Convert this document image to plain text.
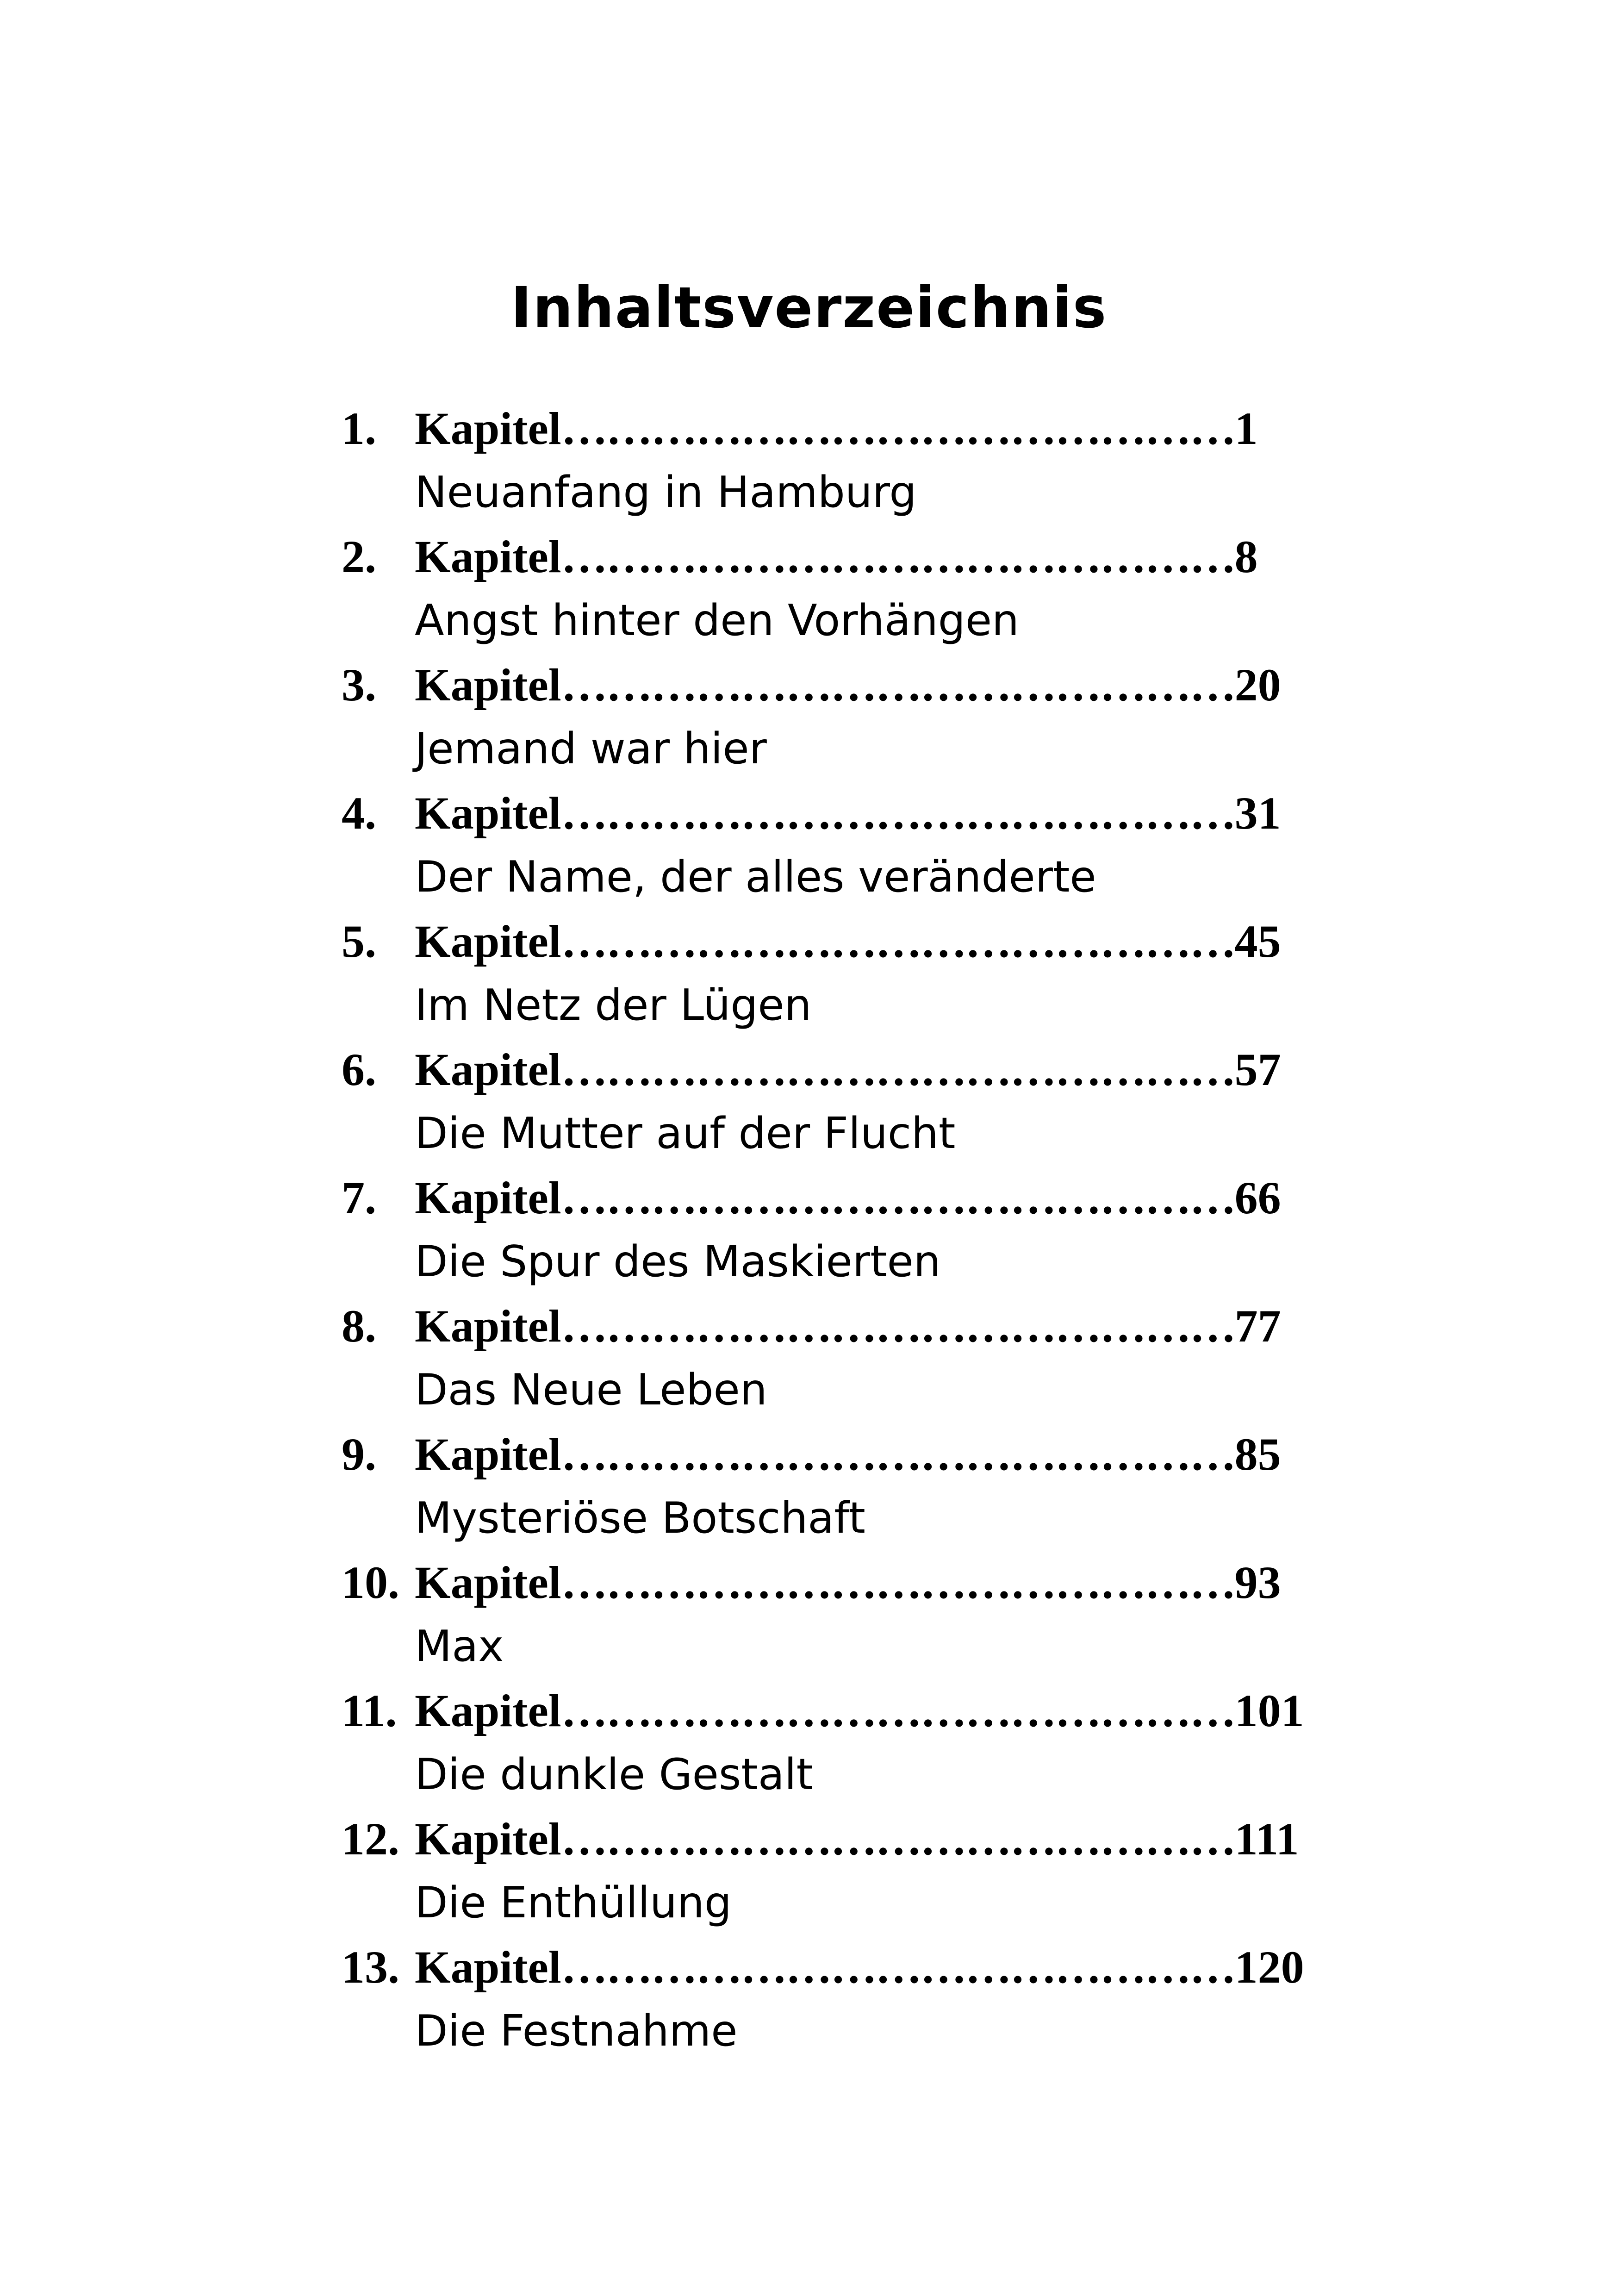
Inhaltsverzeichnis
1. Kapitel………………………………………1
Neuanfang in Hamburg
2. Kapitel………………………………………8
Angst hinter den Vorhängen
3. Kapitel………………………………………20
Jemand war hier
4. Kapitel………………………………………31
Der Name, der alles veränderte
5. Kapitel………………………………………45
Im Netz der Lügen
6. Kapitel………………………………………57
Die Mutter auf der Flucht
7. Kapitel………………………………………66
Die Spur des Maskierten
8. Kapitel………………………………………77
Das Neue Leben
9. Kapitel………………………………………85
Mysteriöse Botschaft
10. Kapitel………………………………………93
Max
11. Kapitel………………………………………101
Die dunkle Gestalt
12. Kapitel………………………………………111
Die Enthüllung
13. Kapitel………………………………………120
Die Festnahme
